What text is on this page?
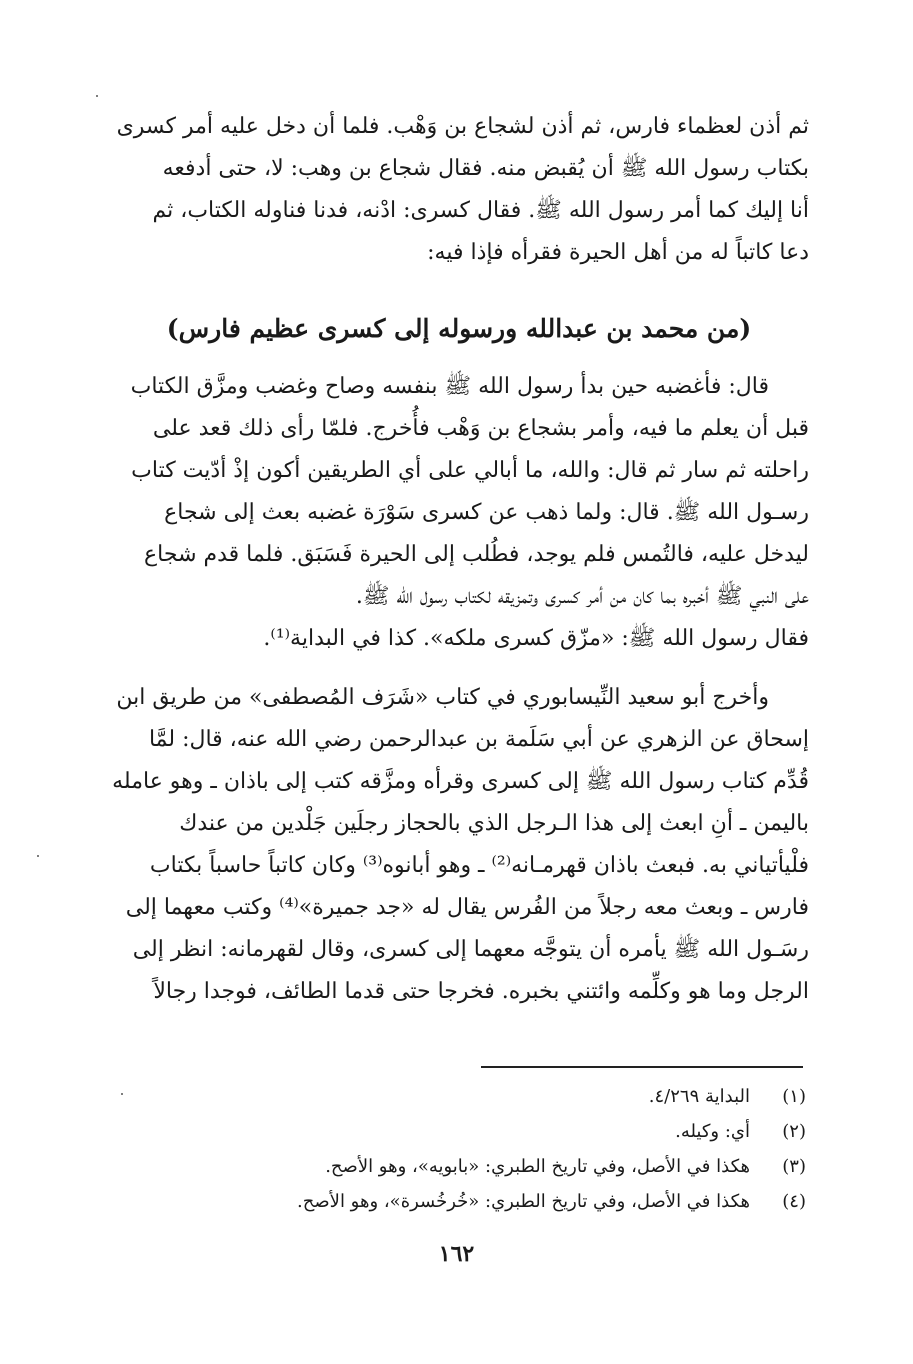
ثم أذن لعظماء فارس، ثم أذن لشجاع بن وَهْب. فلما أن دخل عليه أمر كسرى
بكتاب رسول الله ﷺ أن يُقبض منه. فقال شجاع بن وهب: لا، حتى أدفعه
أنا إليك كما أمر رسول الله ﷺ. فقال كسرى: ادْنه، فدنا فناوله الكتاب، ثم
دعا كاتباً له من أهل الحيرة فقرأه فإذا فيه:
(من محمد بن عبدالله ورسوله إلى كسرى عظيم فارس)
قال: فأغضبه حين بدأ رسول الله ﷺ بنفسه وصاح وغضب ومزَّق الكتاب
قبل أن يعلم ما فيه، وأمر بشجاع بن وَهْب فأُخرج. فلمّا رأى ذلك قعد على
راحلته ثم سار ثم قال: والله، ما أبالي على أي الطريقين أكون إذْ أدّيت كتاب
رسـول الله ﷺ. قال: ولما ذهب عن كسرى سَوْرَة غضبه بعث إلى شجاع
ليدخل عليه، فالتُمس فلم يوجد، فطُلب إلى الحيرة فَسَبَق. فلما قدم شجاع
على النبي ﷺ أخبره بما كان من أمر كسرى وتمزيقه لكتاب رسول الله ﷺ.
فقال رسول الله ﷺ: «مزّق كسرى ملكه». كذا في البداية⁽¹⁾.
وأخرج أبو سعيد النِّيسابوري في كتاب «شَرَف المُصطفى» من طريق ابن
إسحاق عن الزهري عن أبي سَلَمة بن عبدالرحمن رضي الله عنه، قال: لمَّا
قُدِّم كتاب رسول الله ﷺ إلى كسرى وقرأه ومزَّقه كتب إلى باذان ـ وهو عامله
باليمن ـ أنِ ابعث إلى هذا الـرجل الذي بالحجاز رجلَين جَلْدين من عندك
فلْيأتياني به. فبعث باذان قهرمـانه⁽²⁾ ـ وهو أبانوه⁽³⁾ وكان كاتباً حاسباً بكتاب
فارس ـ وبعث معه رجلاً من الفُرس يقال له «جد جميرة»⁽⁴⁾ وكتب معهما إلى
رسَـول الله ﷺ يأمره أن يتوجَّه معهما إلى كسرى، وقال لقهرمانه: انظر إلى
الرجل وما هو وكلِّمه وائتني بخبره. فخرجا حتى قدما الطائف، فوجدا رجالاً
(١)
البداية ٤/٢٦٩.
(٢)
أي: وكيله.
(٣)
هكذا في الأصل، وفي تاريخ الطبري: «بابويه»، وهو الأصح.
(٤)
هكذا في الأصل، وفي تاريخ الطبري: «خُرخُسرة»، وهو الأصح.
١٦٢
